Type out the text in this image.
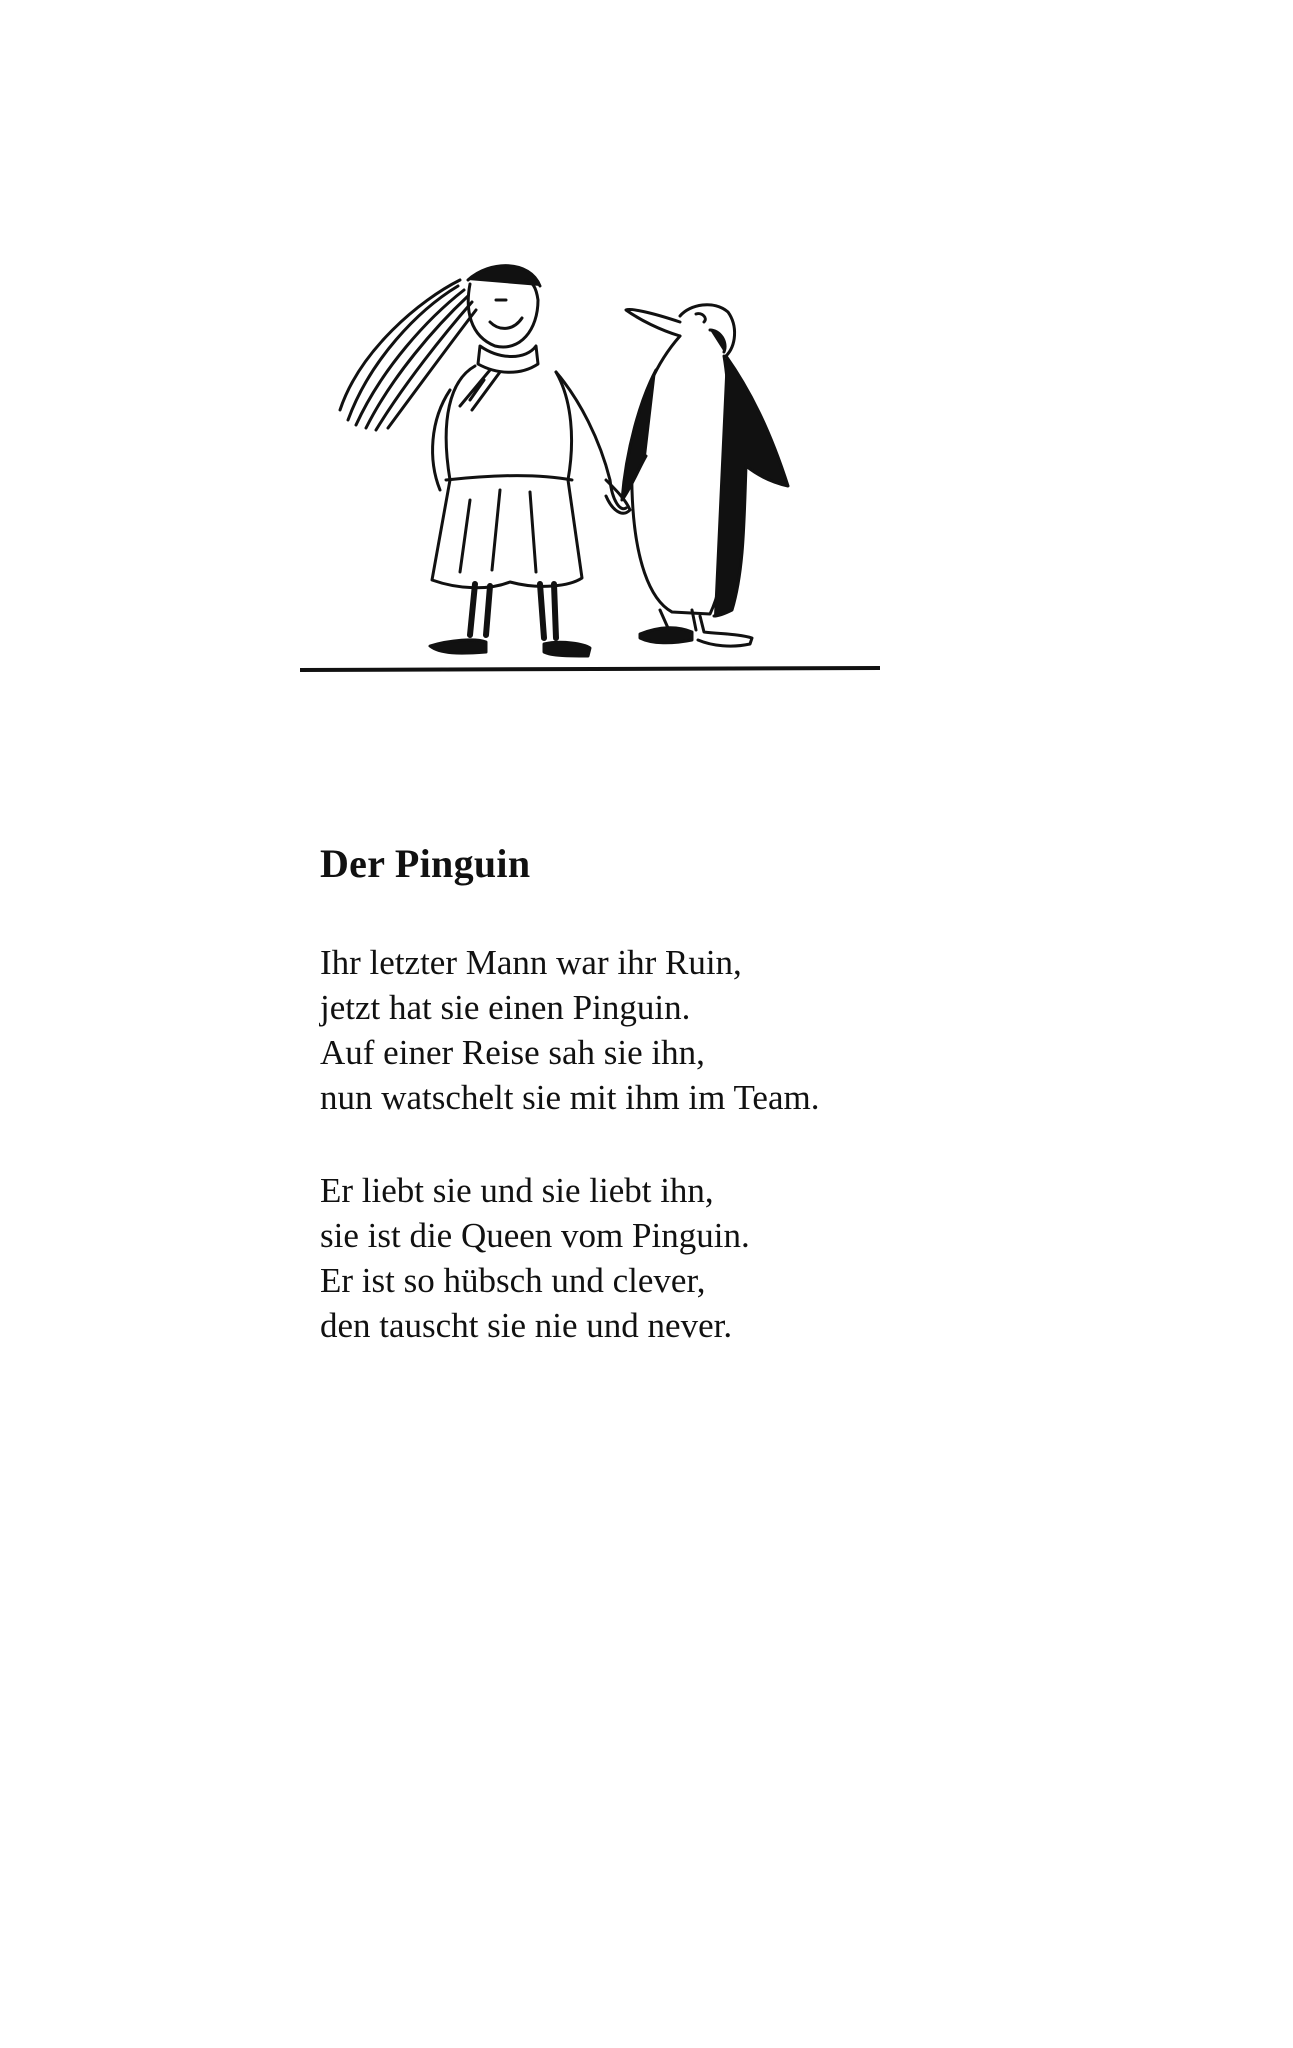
Der Pinguin

Ihr letzter Mann war ihr Ruin,
jetzt hat sie einen Pinguin.
Auf einer Reise sah sie ihn,
nun watschelt sie mit ihm im Team.

Er liebt sie und sie liebt ihn,
sie ist die Queen vom Pinguin.
Er ist so hübsch und clever,
den tauscht sie nie und never.
